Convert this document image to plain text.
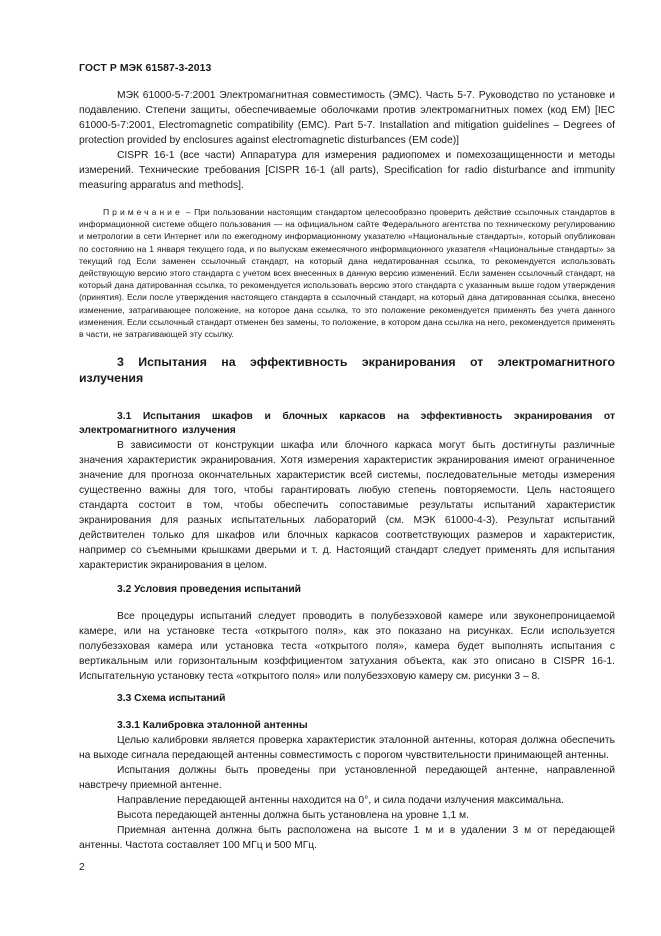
ГОСТ Р МЭК 61587-3-2013

МЭК 61000-5-7:2001 Электромагнитная совместимость (ЭМС). Часть 5-7. Руководство по установке и подавлению. Степени защиты, обеспечиваемые оболочками против электромагнитных помех (код ЕМ) [IEC 61000-5-7:2001, Electromagnetic compatibility (EMC). Part 5-7. Installation and mitigation guidelines – Degrees of protection provided by enclosures against electromagnetic disturbances (EM code)]

CISPR 16-1 (все части) Аппаратура для измерения радиопомех и помехозащищенности и методы измерений. Технические требования [CISPR 16-1 (all parts), Specification for radio disturbance and immunity measuring apparatus and methods].

Примечание – При пользовании настоящим стандартом целесообразно проверить действие ссылочных стандартов в информационной системе общего пользования — на официальном сайте Федерального агентства по техническому регулированию и метрологии в сети Интернет или по ежегодному информационному указателю «Национальные стандарты», который опубликован по состоянию на 1 января текущего года, и по выпускам ежемесячного информационного указателя «Национальные стандарты» за текущий год Если заменен ссылочный стандарт, на который дана недатированная ссылка, то рекомендуется использовать действующую версию этого стандарта с учетом всех внесенных в данную версию изменений. Если заменен ссылочный стандарт, на который дана датированная ссылка, то рекомендуется использовать версию этого стандарта с указанным выше годом утверждения (принятия). Если после утверждения настоящего стандарта в ссылочный стандарт, на который дана датированная ссылка, внесено изменение, затрагивающее положение, на которое дана ссылка, то это положение рекомендуется применять без учета данного изменения. Если ссылочный стандарт отменен без замены, то положение, в котором дана ссылка на него, рекомендуется применять в части, не затрагивающей эту ссылку.

3 Испытания на эффективность экранирования от электромагнитного излучения

3.1 Испытания шкафов и блочных каркасов на эффективность экранирования от электромагнитного излучения

В зависимости от конструкции шкафа или блочного каркаса могут быть достигнуты различные значения характеристик экранирования. Хотя измерения характеристик экранирования имеют ограниченное значение для прогноза окончательных характеристик всей системы, последовательные методы измерения существенно важны для того, чтобы гарантировать любую степень повторяемости. Цель настоящего стандарта состоит в том, чтобы обеспечить сопоставимые результаты испытаний характеристик экранирования для разных испытательных лабораторий (см. МЭК 61000-4-3). Результат испытаний действителен только для шкафов или блочных каркасов соответствующих размеров и характеристик, например со съемными крышками дверьми и т. д. Настоящий стандарт следует применять для испытания характеристик экранирования в целом.

3.2 Условия проведения испытаний

Все процедуры испытаний следует проводить в полубезэховой камере или звуконепроницаемой камере, или на установке теста «открытого поля», как это показано на рисунках. Если используется полубезэховая камера или установка теста «открытого поля», камера будет выполнять испытания с вертикальным или горизонтальным коэффициентом затухания объекта, как это описано в CISPR 16-1. Испытательную установку теста «открытого поля» или полубезэховую камеру см. рисунки 3 – 8.

3.3 Схема испытаний

3.3.1 Калибровка эталонной антенны

Целью калибровки является проверка характеристик эталонной антенны, которая должна обеспечить на выходе сигнала передающей антенны совместимость с порогом чувствительности принимающей антенны.

Испытания должны быть проведены при установленной передающей антенне, направленной навстречу приемной антенне.

Направление передающей антенны находится на 0°, и сила подачи излучения максимальна.

Высота передающей антенны должна быть установлена на уровне 1,1 м.

Приемная антенна должна быть расположена на высоте 1 м и в удалении 3 м от передающей антенны. Частота составляет 100 МГц и 500 МГц.

2
